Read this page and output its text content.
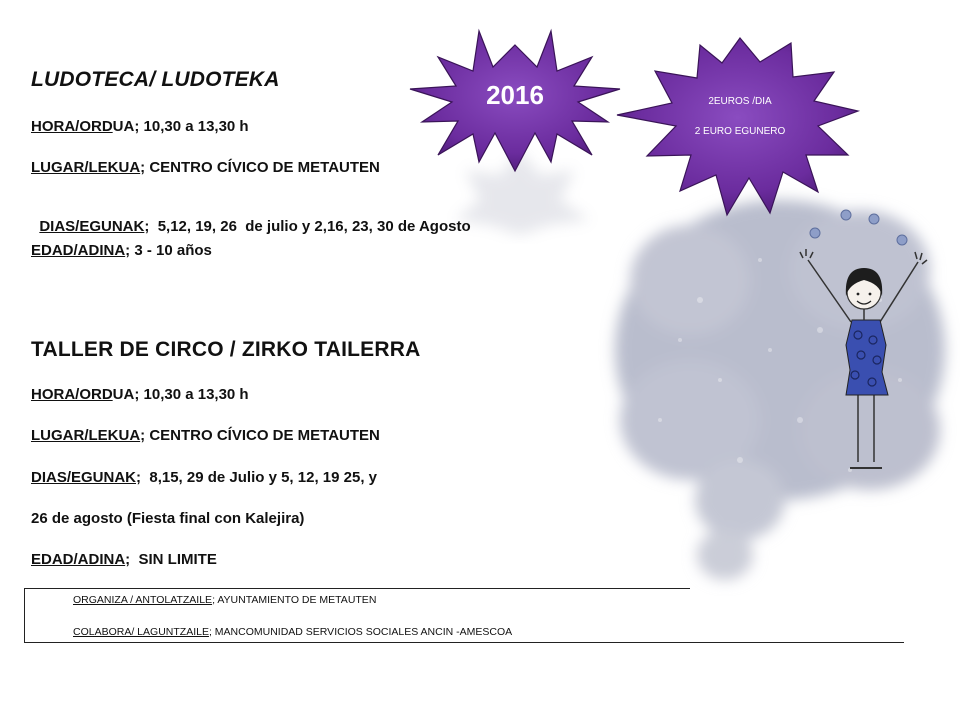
2016	2EUROS /DIA
2 EURO EGUNERO
LUDOTECA/ LUDOTEKA
HORA/ORDUA; 10,30 a 13,30 h
LUGAR/LEKUA; CENTRO CÍVICO DE METAUTEN

DIAS/EGUNAK;  5,12, 19, 26  de julio y 2,16, 23, 30 de Agosto

EDAD/ADINA; 3 - 10 años
TALLER DE CIRCO / ZIRKO TAILERRA
HORA/ORDUA; 10,30 a 13,30 h
LUGAR/LEKUA; CENTRO CÍVICO DE METAUTEN
DIAS/EGUNAK;  8,15, 29 de Julio y 5, 12, 19 25, y
26 de agosto (Fiesta final con Kalejira)
EDAD/ADINA;  SIN LIMITE
ORGANIZA / ANTOLATZAILE; AYUNTAMIENTO DE METAUTEN
COLABORA/ LAGUNTZAILE; MANCOMUNIDAD SERVICIOS SOCIALES ANCIN -AMESCOA
